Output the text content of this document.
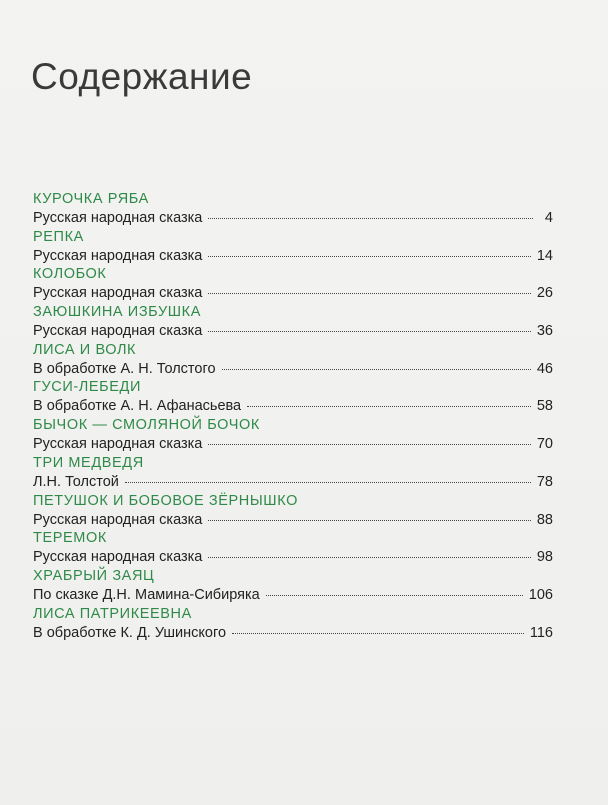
Содержание
КУРОЧКА РЯБА
Русская народная сказка	4
РЕПКА
Русская народная сказка	14
КОЛОБОК
Русская народная сказка	26
ЗАЮШКИНА ИЗБУШКА
Русская народная сказка	36
ЛИСА И ВОЛК
В обработке А. Н. Толстого	46
ГУСИ-ЛЕБЕДИ
В обработке А. Н. Афанасьева	58
БЫЧОК — СМОЛЯНОЙ БОЧОК
Русская народная сказка	70
ТРИ МЕДВЕДЯ
Л.Н. Толстой	78
ПЕТУШОК И БОБОВОЕ ЗЁРНЫШКО
Русская народная сказка	88
ТЕРЕМОК
Русская народная сказка	98
ХРАБРЫЙ ЗАЯЦ
По сказке Д.Н. Мамина-Сибиряка	106
ЛИСА ПАТРИКЕЕВНА
В обработке К. Д. Ушинского	116
